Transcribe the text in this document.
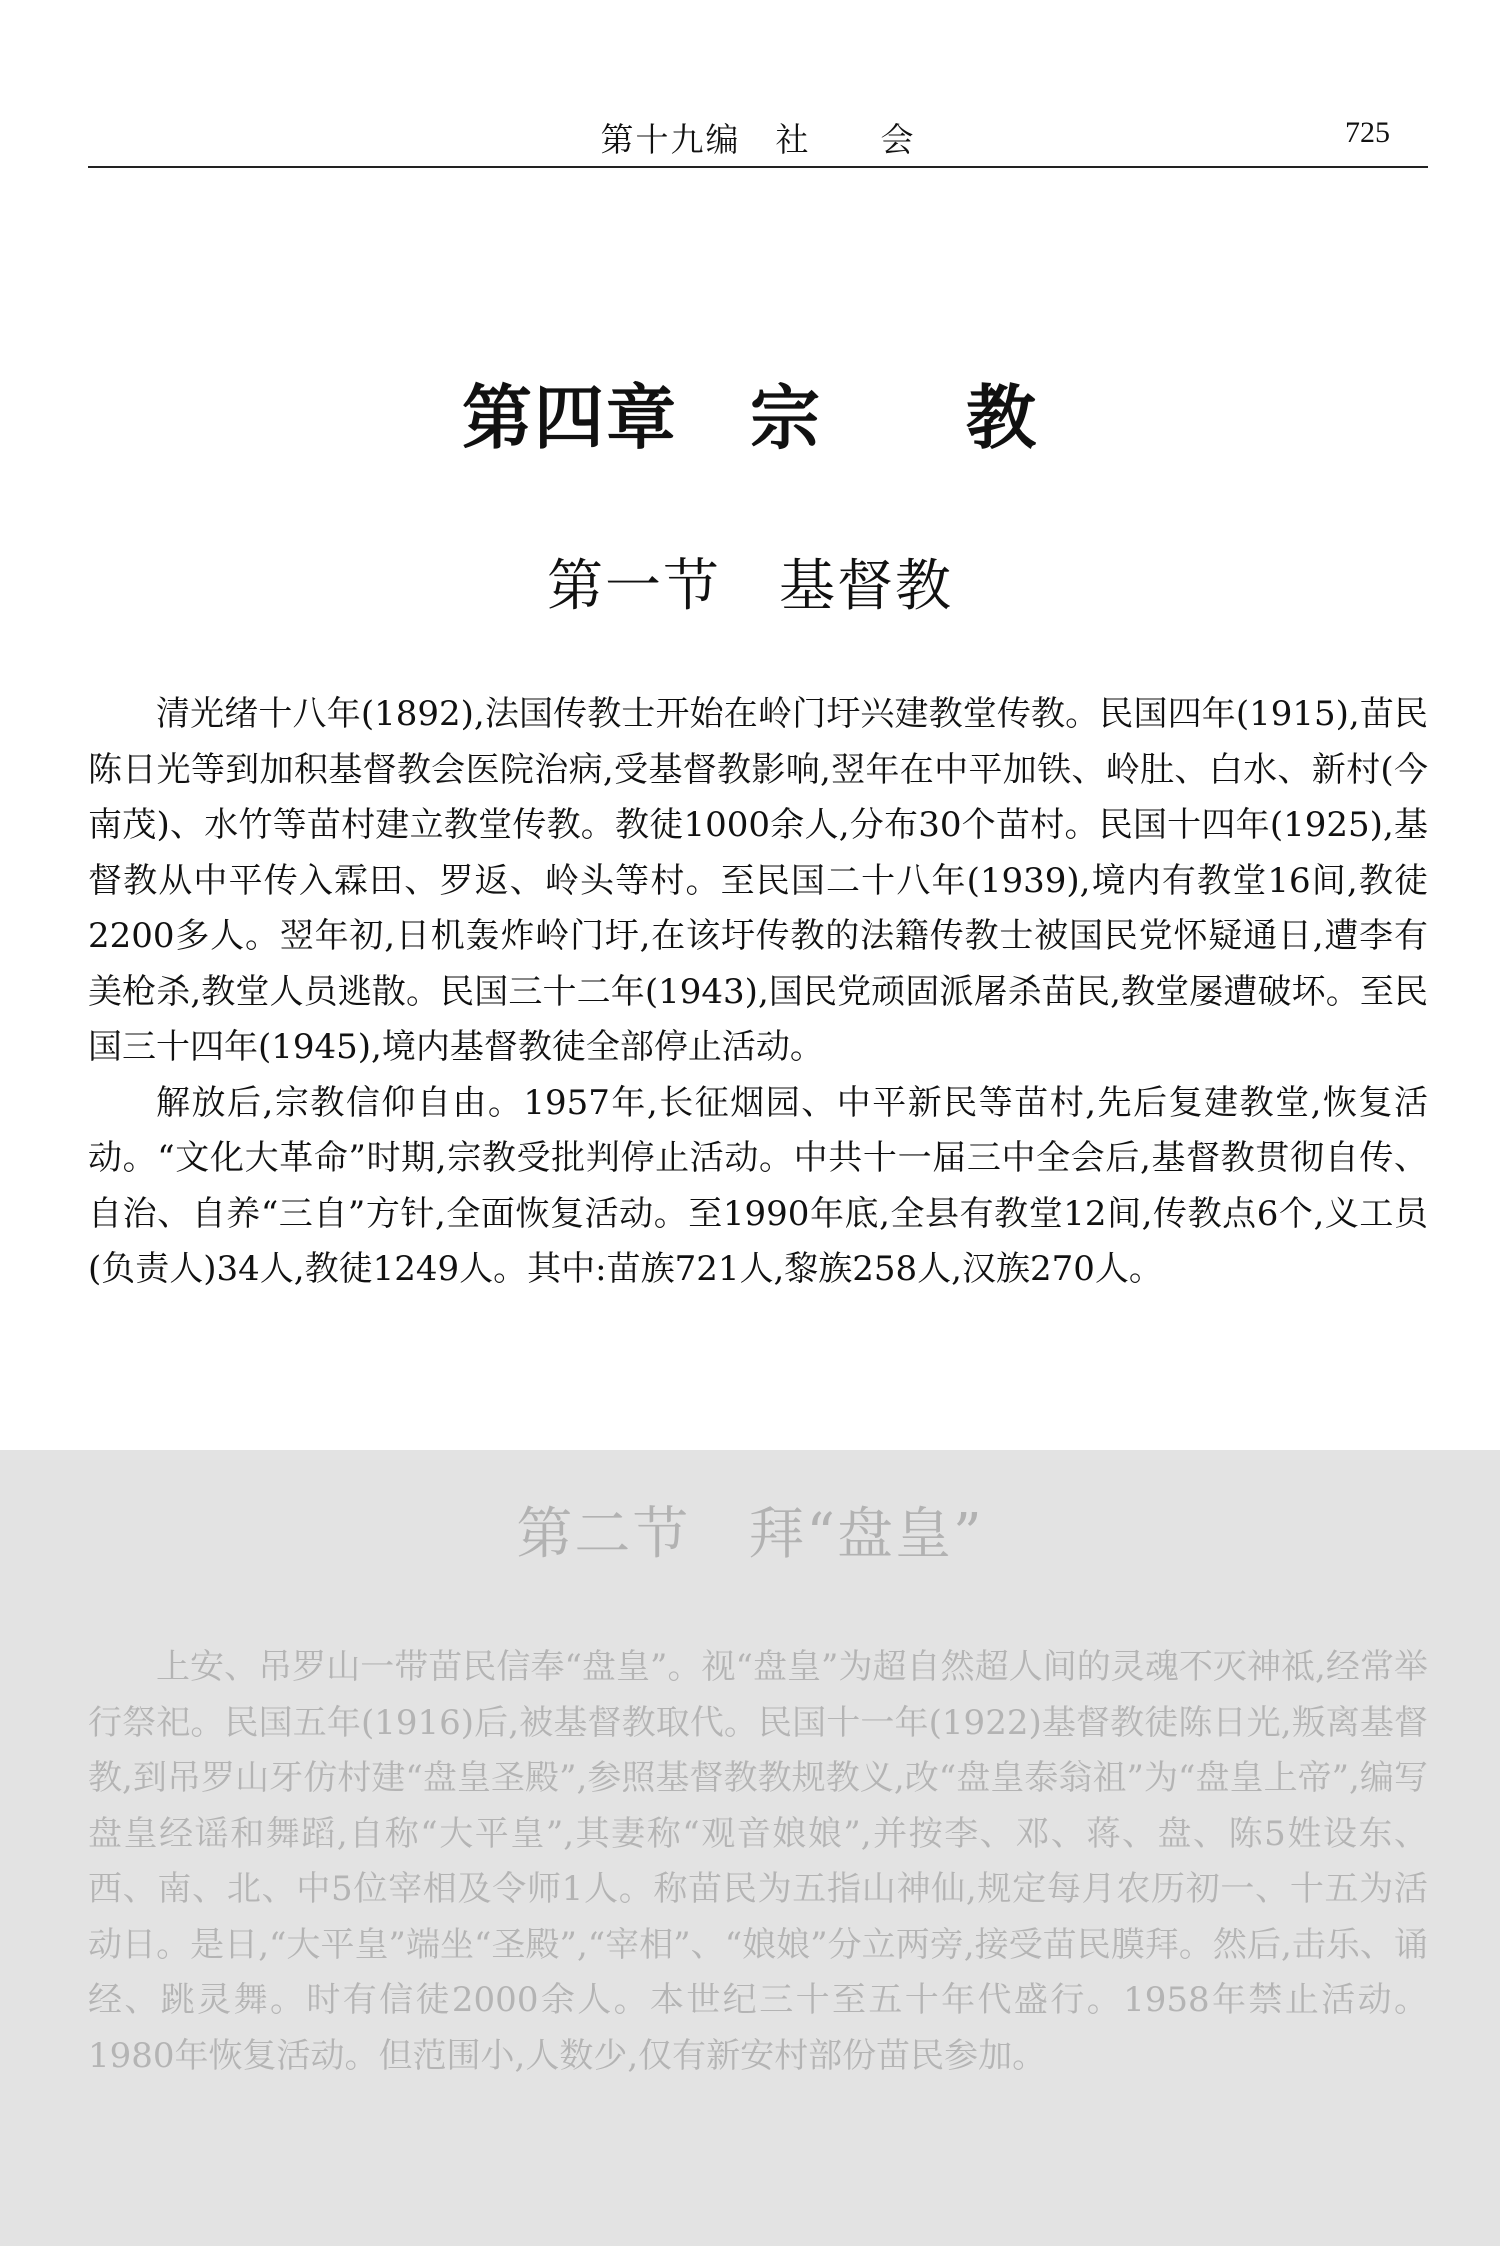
第十九编　社　　会	725
第四章　宗　　教
第一节　基督教

清光绪十八年(1892),法国传教士开始在岭门圩兴建教堂传教。民国四年(1915),苗民陈日光等到加积基督教会医院治病,受基督教影响,翌年在中平加铁、岭肚、白水、新村(今南茂)、水竹等苗村建立教堂传教。教徒1000余人,分布30个苗村。民国十四年(1925),基督教从中平传入霖田、罗返、岭头等村。至民国二十八年(1939),境内有教堂16间,教徒2200多人。翌年初,日机轰炸岭门圩,在该圩传教的法籍传教士被国民党怀疑通日,遭李有美枪杀,教堂人员逃散。民国三十二年(1943),国民党顽固派屠杀苗民,教堂屡遭破坏。至民国三十四年(1945),境内基督教徒全部停止活动。

解放后,宗教信仰自由。1957年,长征烟园、中平新民等苗村,先后复建教堂,恢复活动。“文化大革命”时期,宗教受批判停止活动。中共十一届三中全会后,基督教贯彻自传、自治、自养“三自”方针,全面恢复活动。至1990年底,全县有教堂12间,传教点6个,义工员(负责人)34人,教徒1249人。其中:苗族721人,黎族258人,汉族270人。

第二节　拜“盘皇”

上安、吊罗山一带苗民信奉“盘皇”。视“盘皇”为超自然超人间的灵魂不灭神祗,经常举行祭祀。民国五年(1916)后,被基督教取代。民国十一年(1922)基督教徒陈日光,叛离基督教,到吊罗山牙仿村建“盘皇圣殿”,参照基督教教规教义,改“盘皇泰翁祖”为“盘皇上帝”,编写盘皇经谣和舞蹈,自称“大平皇”,其妻称“观音娘娘”,并按李、邓、蒋、盘、陈5姓设东、西、南、北、中5位宰相及令师1人。称苗民为五指山神仙,规定每月农历初一、十五为活动日。是日,“大平皇”端坐“圣殿”,“宰相”、“娘娘”分立两旁,接受苗民膜拜。然后,击乐、诵经、跳灵舞。时有信徒2000余人。本世纪三十至五十年代盛行。1958年禁止活动。1980年恢复活动。但范围小,人数少,仅有新安村部份苗民参加。
